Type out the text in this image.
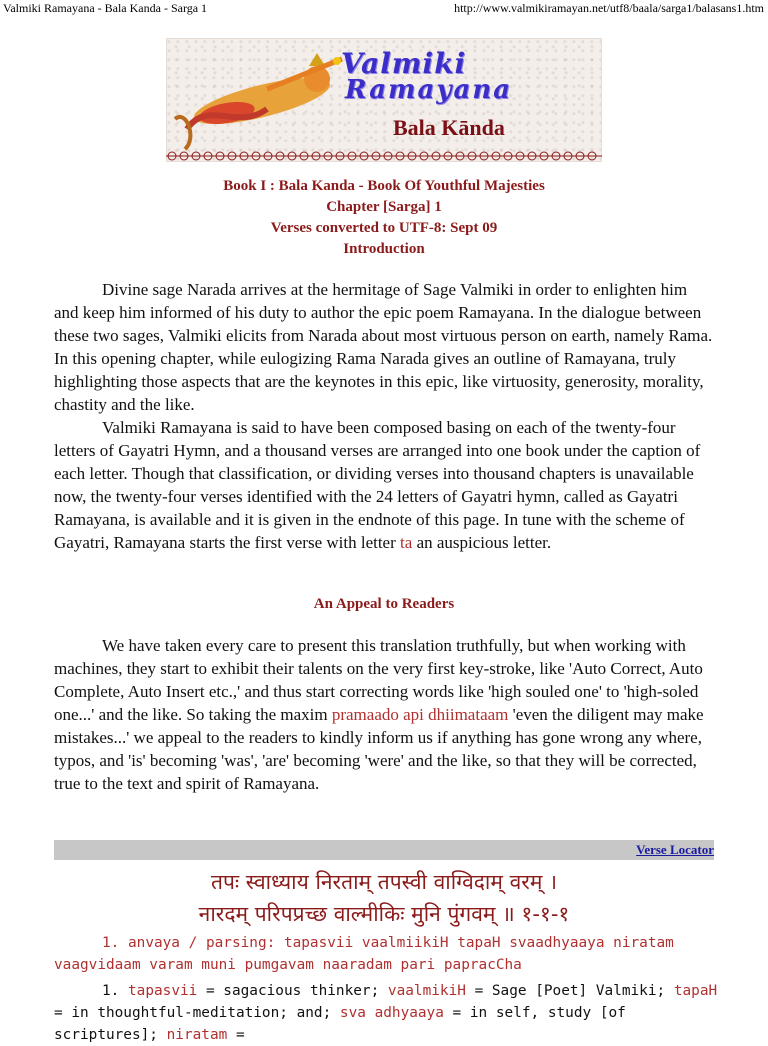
Valmiki Ramayana - Bala Kanda - Sarga 1	http://www.valmikiramayan.net/utf8/baala/sarga1/balasans1.htm
Valmiki
Ramayana
Bala Kānda
Book I : Bala Kanda - Book Of Youthful Majesties
Chapter [Sarga] 1
Verses converted to UTF-8: Sept 09
Introduction

Divine sage Narada arrives at the hermitage of Sage Valmiki in order to enlighten him and keep him informed of his duty to author the epic poem Ramayana. In the dialogue between these two sages, Valmiki elicits from Narada about most virtuous person on earth, namely Rama. In this opening chapter, while eulogizing Rama Narada gives an outline of Ramayana, truly highlighting those aspects that are the keynotes in this epic, like virtuosity, generosity, morality, chastity and the like.

Valmiki Ramayana is said to have been composed basing on each of the twenty-four letters of Gayatri Hymn, and a thousand verses are arranged into one book under the caption of each letter. Though that classification, or dividing verses into thousand chapters is unavailable now, the twenty-four verses identified with the 24 letters of Gayatri hymn, called as Gayatri Ramayana, is available and it is given in the endnote of this page. In tune with the scheme of Gayatri, Ramayana starts the first verse with letter ta an auspicious letter.

An Appeal to Readers

We have taken every care to present this translation truthfully, but when working with machines, they start to exhibit their talents on the very first key-stroke, like 'Auto Correct, Auto Complete, Auto Insert etc.,' and thus start correcting words like 'high souled one' to 'high-soled one...' and the like. So taking the maxim pramaado api dhiimataam 'even the diligent may make mistakes...' we appeal to the readers to kindly inform us if anything has gone wrong any where, typos, and 'is' becoming 'was', 'are' becoming 'were' and the like, so that they will be corrected, true to the text and spirit of Ramayana.

Verse Locator
तपः स्वाध्याय निरताम् तपस्वी वाग्विदाम् वरम् ।
नारदम् परिपप्रच्छ वाल्मीकिः मुनि पुंगवम् ॥ १-१-१

1. anvaya / parsing: tapasvii vaalmiikiH tapaH svaadhyaaya niratam vaagvidaam varam muni pumgavam naaradam pari papracCha

1. tapasvii = sagacious thinker; vaalmikiH = Sage [Poet] Valmiki; tapaH = in thoughtful-meditation; and; sva adhyaaya = in self, study [of scriptures]; niratam =
